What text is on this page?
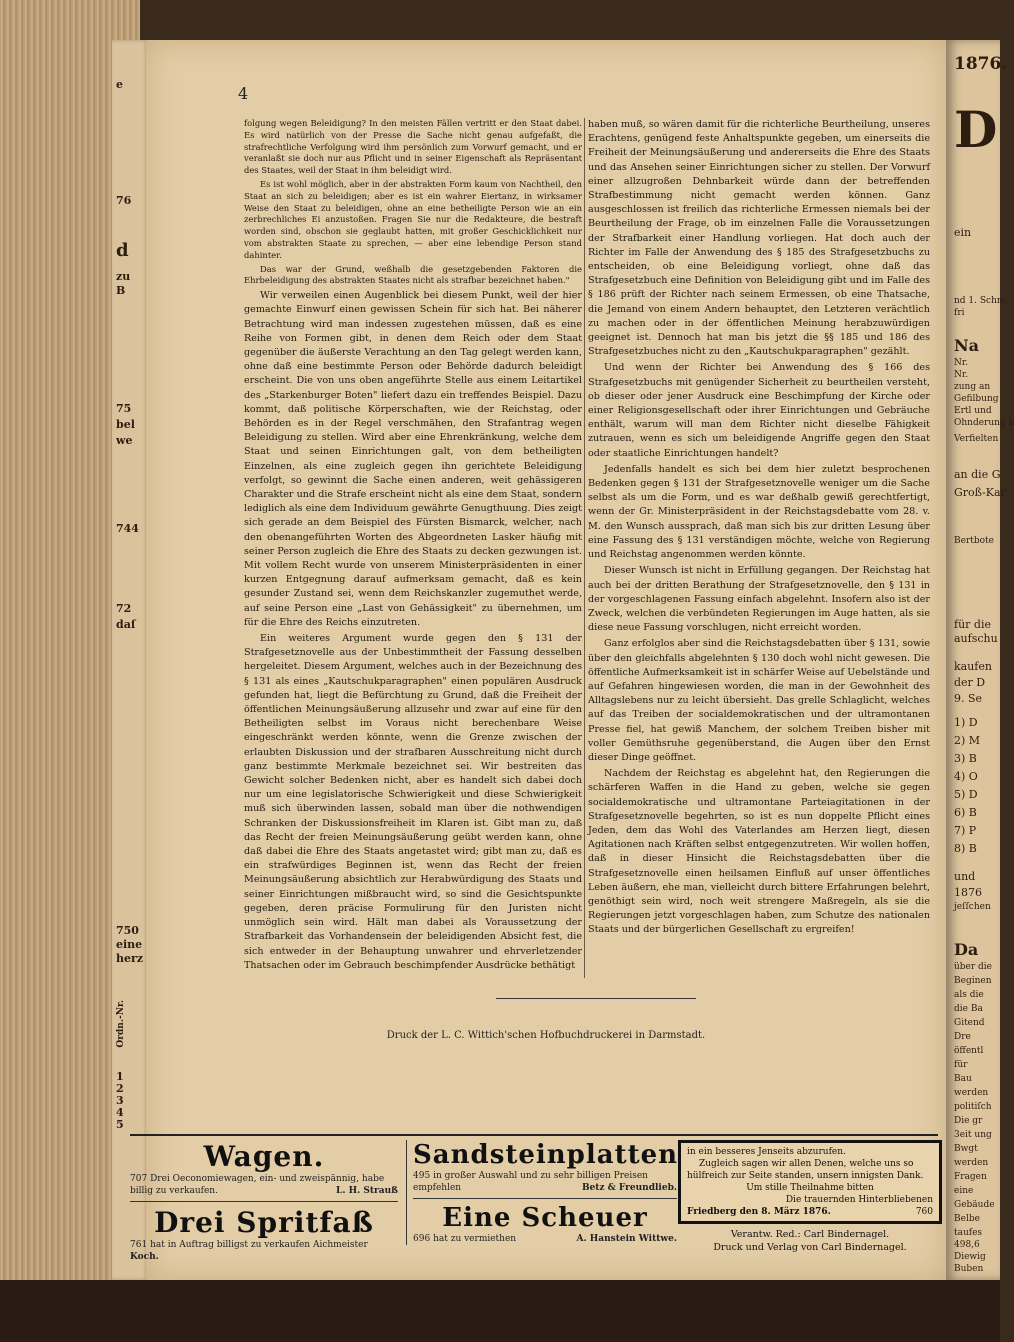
e
76
d
zu
B
75
bel
we
744
72
daſ
750
eine
herz
Ordn.-Nr.
1
2
3
4
5
4

folgung wegen Beleidigung? In den meisten Fällen vertritt er den Staat dabei. Es wird natürlich von der Presse die Sache nicht genau aufgefaßt, die strafrechtliche Verfolgung wird ihm persönlich zum Vorwurf gemacht, und er veranlaßt sie doch nur aus Pflicht und in seiner Eigenschaft als Repräsentant des Staates, weil der Staat in ihm beleidigt wird.

Es ist wohl möglich, aber in der abstrakten Form kaum von Nachtheil, den Staat an sich zu beleidigen; aber es ist ein wahrer Eiertanz, in wirksamer Weise den Staat zu beleidigen, ohne an eine betheiligte Person wie an ein zerbrechliches Ei anzustoßen. Fragen Sie nur die Redakteure, die bestraft worden sind, obschon sie geglaubt hatten, mit großer Geschicklichkeit nur vom abstrakten Staate zu sprechen, — aber eine lebendige Person stand dahinter.

Das war der Grund, weßhalb die gesetzgebenden Faktoren die Ehrbeleidigung des abstrakten Staates nicht als strafbar bezeichnet haben."

Wir verweilen einen Augenblick bei diesem Punkt, weil der hier gemachte Einwurf einen gewissen Schein für sich hat. Bei näherer Betrachtung wird man indessen zugestehen müssen, daß es eine Reihe von Formen gibt, in denen dem Reich oder dem Staat gegenüber die äußerste Verachtung an den Tag gelegt werden kann, ohne daß eine bestimmte Person oder Behörde dadurch beleidigt erscheint. Die von uns oben angeführte Stelle aus einem Leitartikel des „Starkenburger Boten" liefert dazu ein treffendes Beispiel. Dazu kommt, daß politische Körperschaften, wie der Reichstag, oder Behörden es in der Regel verschmähen, den Strafantrag wegen Beleidigung zu stellen. Wird aber eine Ehrenkränkung, welche dem Staat und seinen Einrichtungen galt, von dem betheiligten Einzelnen, als eine zugleich gegen ihn gerichtete Beleidigung verfolgt, so gewinnt die Sache einen anderen, weit gehässigeren Charakter und die Strafe erscheint nicht als eine dem Staat, sondern lediglich als eine dem Individuum gewährte Genugthuung. Dies zeigt sich gerade an dem Beispiel des Fürsten Bismarck, welcher, nach den obenangeführten Worten des Abgeordneten Lasker häufig mit seiner Person zugleich die Ehre des Staats zu decken gezwungen ist. Mit vollem Recht wurde von unserem Ministerpräsidenten in einer kurzen Entgegnung darauf aufmerksam gemacht, daß es kein gesunder Zustand sei, wenn dem Reichskanzler zugemuthet werde, auf seine Person eine „Last von Gehässigkeit" zu übernehmen, um für die Ehre des Reichs einzutreten.

Ein weiteres Argument wurde gegen den § 131 der Strafgesetznovelle aus der Unbestimmtheit der Fassung desselben hergeleitet. Diesem Argument, welches auch in der Bezeichnung des § 131 als eines „Kautschukparagraphen" einen populären Ausdruck gefunden hat, liegt die Befürchtung zu Grund, daß die Freiheit der öffentlichen Meinungsäußerung allzusehr und zwar auf eine für den Betheiligten selbst im Voraus nicht berechenbare Weise eingeschränkt werden könnte, wenn die Grenze zwischen der erlaubten Diskussion und der strafbaren Ausschreitung nicht durch ganz bestimmte Merkmale bezeichnet sei. Wir bestreiten das Gewicht solcher Bedenken nicht, aber es handelt sich dabei doch nur um eine legislatorische Schwierigkeit und diese Schwierigkeit muß sich überwinden lassen, sobald man über die nothwendigen Schranken der Diskussionsfreiheit im Klaren ist. Gibt man zu, daß das Recht der freien Meinungsäußerung geübt werden kann, ohne daß dabei die Ehre des Staats angetastet wird; gibt man zu, daß es ein strafwürdiges Beginnen ist, wenn das Recht der freien Meinungsäußerung absichtlich zur Herabwürdigung des Staats und seiner Einrichtungen mißbraucht wird, so sind die Gesichtspunkte gegeben, deren präcise Formulirung für den Juristen nicht unmöglich sein wird. Hält man dabei als Voraussetzung der Strafbarkeit das Vorhandensein der beleidigenden Absicht fest, die sich entweder in der Behauptung unwahrer und ehrverletzender Thatsachen oder im Gebrauch beschimpfender Ausdrücke bethätigt

haben muß, so wären damit für die richterliche Beurtheilung, unseres Erachtens, genügend feste Anhaltspunkte gegeben, um einerseits die Freiheit der Meinungsäußerung und andererseits die Ehre des Staats und das Ansehen seiner Einrichtungen sicher zu stellen. Der Vorwurf einer allzugroßen Dehnbarkeit würde dann der betreffenden Strafbestimmung nicht gemacht werden können. Ganz ausgeschlossen ist freilich das richterliche Ermessen niemals bei der Beurtheilung der Frage, ob im einzelnen Falle die Voraussetzungen der Strafbarkeit einer Handlung vorliegen. Hat doch auch der Richter im Falle der Anwendung des § 185 des Strafgesetzbuchs zu entscheiden, ob eine Beleidigung vorliegt, ohne daß das Strafgesetzbuch eine Definition von Beleidigung gibt und im Falle des § 186 prüft der Richter nach seinem Ermessen, ob eine Thatsache, die Jemand von einem Andern behauptet, den Letzteren verächtlich zu machen oder in der öffentlichen Meinung herabzuwürdigen geeignet ist. Dennoch hat man bis jetzt die §§ 185 und 186 des Strafgesetzbuches nicht zu den „Kautschukparagraphen" gezählt.

Und wenn der Richter bei Anwendung des § 166 des Strafgesetzbuchs mit genügender Sicherheit zu beurtheilen versteht, ob dieser oder jener Ausdruck eine Beschimpfung der Kirche oder einer Religionsgesellschaft oder ihrer Einrichtungen und Gebräuche enthält, warum will man dem Richter nicht dieselbe Fähigkeit zutrauen, wenn es sich um beleidigende Angriffe gegen den Staat oder staatliche Einrichtungen handelt?

Jedenfalls handelt es sich bei dem hier zuletzt besprochenen Bedenken gegen § 131 der Strafgesetznovelle weniger um die Sache selbst als um die Form, und es war deßhalb gewiß gerechtfertigt, wenn der Gr. Ministerpräsident in der Reichstagsdebatte vom 28. v. M. den Wunsch aussprach, daß man sich bis zur dritten Lesung über eine Fassung des § 131 verständigen möchte, welche von Regierung und Reichstag angenommen werden könnte.

Dieser Wunsch ist nicht in Erfüllung gegangen. Der Reichstag hat auch bei der dritten Berathung der Strafgesetznovelle, den § 131 in der vorgeschlagenen Fassung einfach abgelehnt. Insofern also ist der Zweck, welchen die verbündeten Regierungen im Auge hatten, als sie diese neue Fassung vorschlugen, nicht erreicht worden.

Ganz erfolglos aber sind die Reichstagsdebatten über § 131, sowie über den gleichfalls abgelehnten § 130 doch wohl nicht gewesen. Die öffentliche Aufmerksamkeit ist in schärfer Weise auf Uebelstände und auf Gefahren hingewiesen worden, die man in der Gewohnheit des Alltagslebens nur zu leicht übersieht. Das grelle Schlaglicht, welches auf das Treiben der socialdemokratischen und der ultramontanen Presse fiel, hat gewiß Manchem, der solchem Treiben bisher mit voller Gemüthsruhe gegenüberstand, die Augen über den Ernst dieser Dinge geöffnet.

Nachdem der Reichstag es abgelehnt hat, den Regierungen die schärferen Waffen in die Hand zu geben, welche sie gegen socialdemokratische und ultramontane Parteiagitationen in der Strafgesetznovelle begehrten, so ist es nun doppelte Pflicht eines Jeden, dem das Wohl des Vaterlandes am Herzen liegt, diesen Agitationen nach Kräften selbst entgegenzutreten. Wir wollen hoffen, daß in dieser Hinsicht die Reichstagsdebatten über die Strafgesetznovelle einen heilsamen Einfluß auf unser öffentliches Leben äußern, ehe man, vielleicht durch bittere Erfahrungen belehrt, genöthigt sein wird, noch weit strengere Maßregeln, als sie die Regierungen jetzt vorgeschlagen haben, zum Schutze des nationalen Staats und der bürgerlichen Gesellschaft zu ergreifen!

Druck der L. C. Wittich'schen Hofbuchdruckerei in Darmstadt.
Wagen.
707 Drei Oeconomiewagen, ein- und zweispännig, habe billig zu verkaufen.	L. H. Strauß
Drei Spritfaß
761 hat in Auftrag billigst zu verkaufen Aichmeister Koch.
Sandsteinplatten
495 in großer Auswahl und zu sehr billigen Preisen empfehlen	Betz & Freundlieb.
Eine Scheuer
696 hat zu vermiethen	A. Hanstein Wittwe.
in ein besseres Jenseits abzurufen.
Zugleich sagen wir allen Denen, welche uns so hülfreich zur Seite standen, unsern innigsten Dank.
Um stille Theilnahme bitten
Die trauernden Hinterbliebenen
Friedberg den 8. März 1876.	760
Verantw. Red.: Carl Bindernagel.
Druck und Verlag von Carl Bindernagel.
1876.
D
ein
nd 1. Schm
fri
Na
Nr.
Nr.
zung an
Gefilbung
Ertl und
Ohnderung b
Verfielten
an die G
Groß-Kar
Bertbote
für die
aufschu
kaufen
der D
9. Se
1) D
2) M
3) B
4) O
5) D
6) B
7) P
8) B
und
1876
jeſſchen
Da
über die
Beginen
als die
die Ba
Gitend
Dre
öffentl
für
Bau
werden
politiſch
Die gr
3eit ung
Bwgt
werden
Fragen
eine
Gebäude
Belbe
taufes
498,6
Diewig
Buben
